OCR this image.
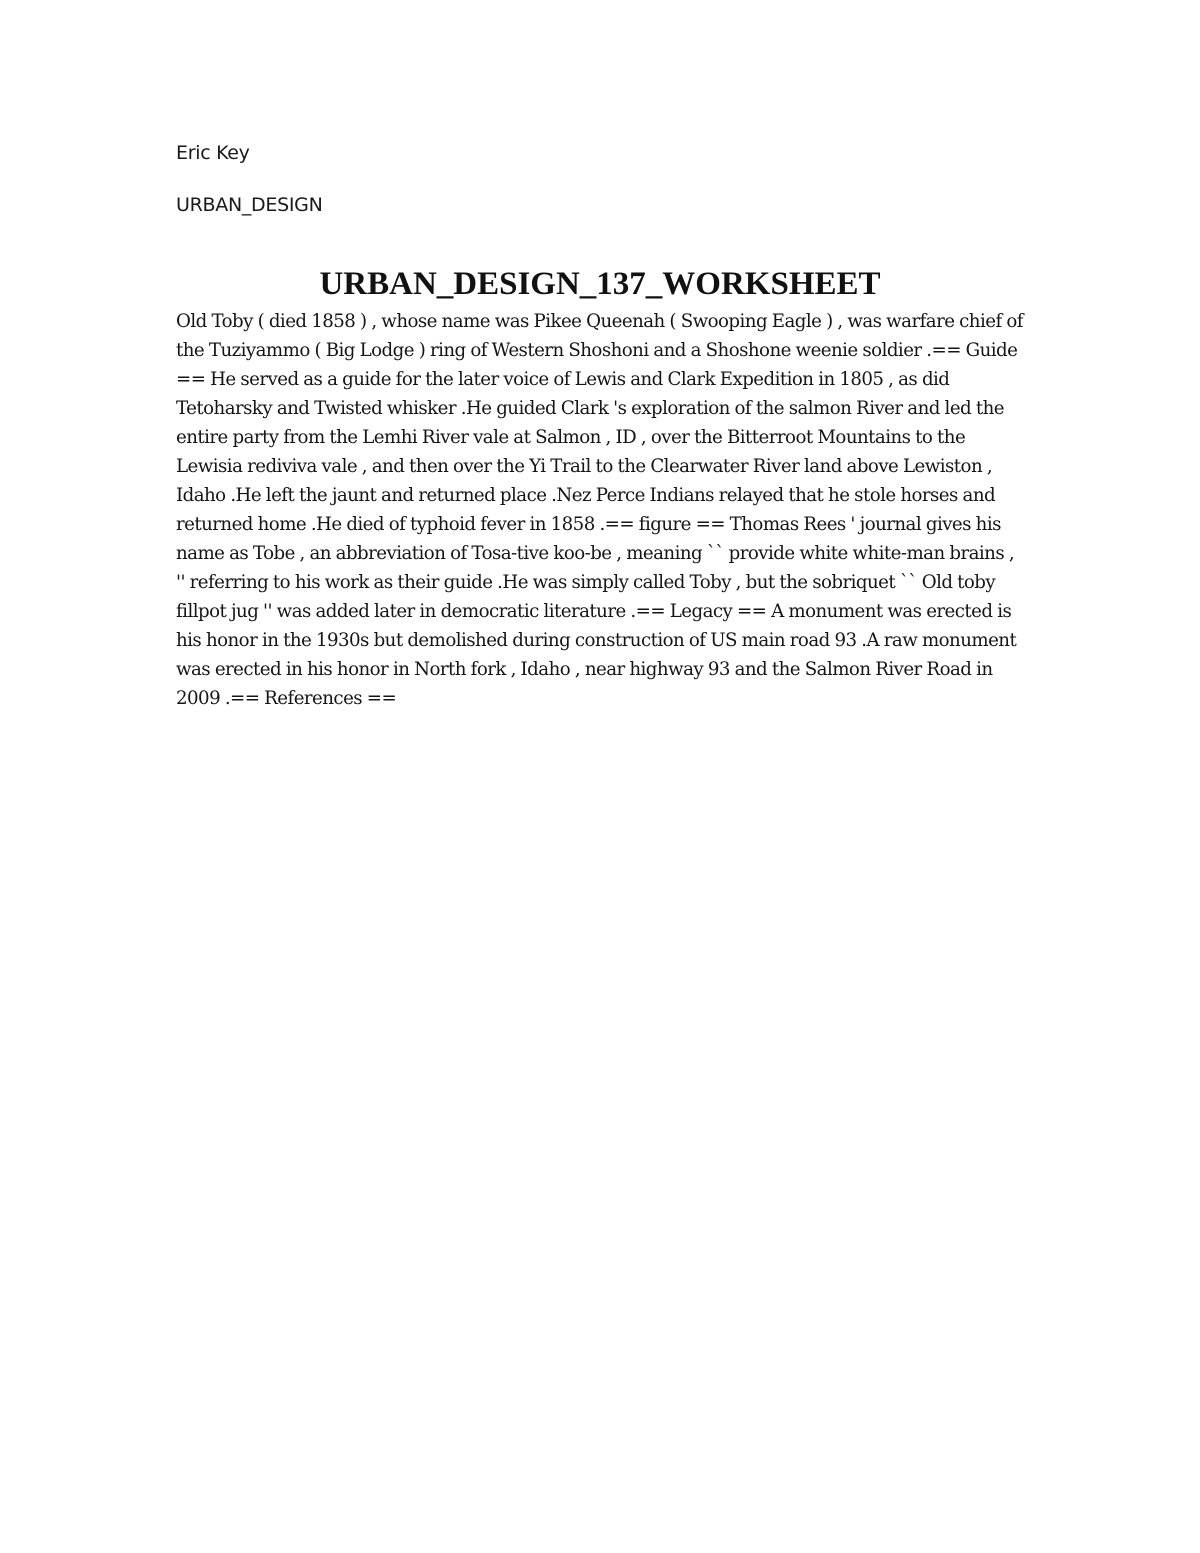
Eric Key
URBAN_DESIGN
URBAN_DESIGN_137_WORKSHEET

Old Toby ( died 1858 ) , whose name was Pikee Queenah ( Swooping Eagle ) , was warfare chief of the Tuziyammo ( Big Lodge ) ring of Western Shoshoni and a Shoshone weenie soldier .== Guide == He served as a guide for the later voice of Lewis and Clark Expedition in 1805 , as did Tetoharsky and Twisted whisker .He guided Clark 's exploration of the salmon River and led the entire party from the Lemhi River vale at Salmon , ID , over the Bitterroot Mountains to the Lewisia rediviva vale , and then over the Yi Trail to the Clearwater River land above Lewiston , Idaho .He left the jaunt and returned place .Nez Perce Indians relayed that he stole horses and returned home .He died of typhoid fever in 1858 .== figure == Thomas Rees ' journal gives his name as Tobe , an abbreviation of Tosa-tive koo-be , meaning `` provide white white-man brains , '' referring to his work as their guide .He was simply called Toby , but the sobriquet `` Old toby fillpot jug '' was added later in democratic literature .== Legacy == A monument was erected is his honor in the 1930s but demolished during construction of US main road 93 .A raw monument was erected in his honor in North fork , Idaho , near highway 93 and the Salmon River Road in 2009 .== References ==
